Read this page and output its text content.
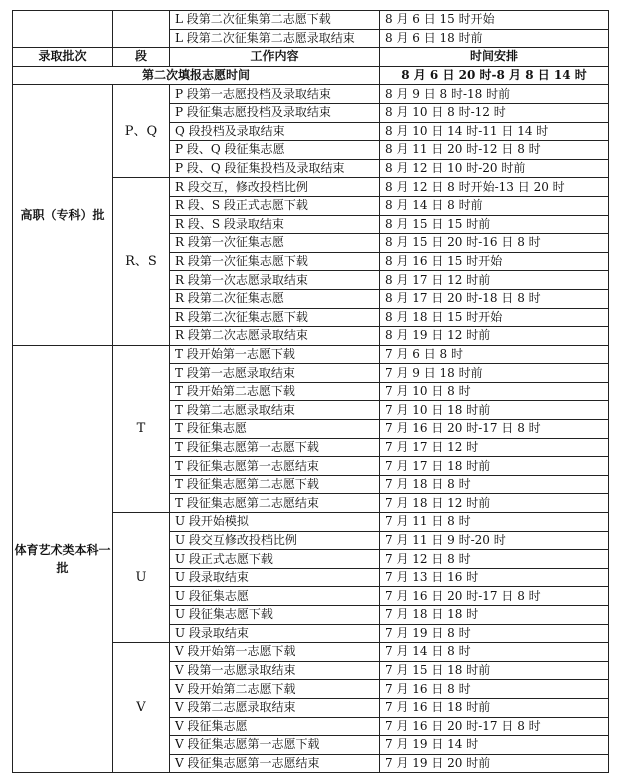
		L 段第二次征集第二志愿下载	8 月 6 日 15 时开始
		L 段第二次征集第二志愿录取结束	8 月 6 日 18 时前
录取批次	段	工作内容	时间安排
第二次填报志愿时间			8 月 6 日 20 时-8 月 8 日 14 时
高职（专科）批	P、Q	P 段第一志愿投档及录取结束	8 月 9 日 8 时-18 时前
		P 段征集志愿投档及录取结束	8 月 10 日 8 时-12 时
		Q 段投档及录取结束	8 月 10 日 14 时-11 日 14 时
		P 段、Q 段征集志愿	8 月 11 日 20 时-12 日 8 时
		P 段、Q 段征集投档及录取结束	8 月 12 日 10 时-20 时前
	R、S	R 段交互，修改投档比例	8 月 12 日 8 时开始-13 日 20 时
		R 段、S 段正式志愿下载	8 月 14 日 8 时前
		R 段、S 段录取结束	8 月 15 日 15 时前
		R 段第一次征集志愿	8 月 15 日 20 时-16 日 8 时
		R 段第一次征集志愿下载	8 月 16 日 15 时开始
		R 段第一次志愿录取结束	8 月 17 日 12 时前
		R 段第二次征集志愿	8 月 17 日 20 时-18 日 8 时
		R 段第二次征集志愿下载	8 月 18 日 15 时开始
		R 段第二次志愿录取结束	8 月 19 日 12 时前
体育艺术类本科一批	T	T 段开始第一志愿下载	7 月 6 日 8 时
		T 段第一志愿录取结束	7 月 9 日 18 时前
		T 段开始第二志愿下载	7 月 10 日 8 时
		T 段第二志愿录取结束	7 月 10 日 18 时前
		T 段征集志愿	7 月 16 日 20 时-17 日 8 时
		T 段征集志愿第一志愿下载	7 月 17 日 12 时
		T 段征集志愿第一志愿结束	7 月 17 日 18 时前
		T 段征集志愿第二志愿下载	7 月 18 日 8 时
		T 段征集志愿第二志愿结束	7 月 18 日 12 时前
	U	U 段开始模拟	7 月 11 日 8 时
		U 段交互修改投档比例	7 月 11 日 9 时-20 时
		U 段正式志愿下载	7 月 12 日 8 时
		U 段录取结束	7 月 13 日 16 时
		U 段征集志愿	7 月 16 日 20 时-17 日 8 时
		U 段征集志愿下载	7 月 18 日 18 时
		U 段录取结束	7 月 19 日 8 时
	V	V 段开始第一志愿下载	7 月 14 日 8 时
		V 段第一志愿录取结束	7 月 15 日 18 时前
		V 段开始第二志愿下载	7 月 16 日 8 时
		V 段第二志愿录取结束	7 月 16 日 18 时前
		V 段征集志愿	7 月 16 日 20 时-17 日 8 时
		V 段征集志愿第一志愿下载	7 月 19 日 14 时
		V 段征集志愿第一志愿结束	7 月 19 日 20 时前
